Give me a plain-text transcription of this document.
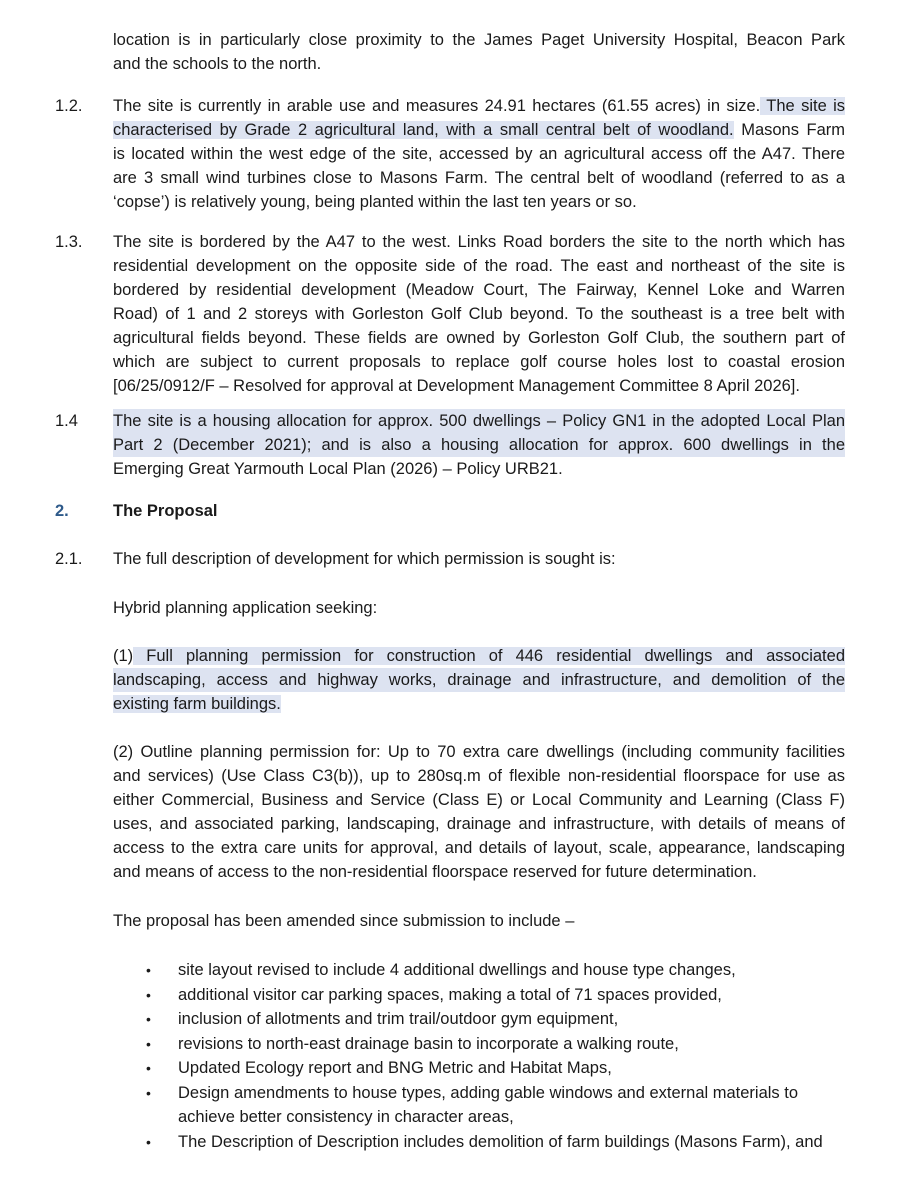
location is in particularly close proximity to the James Paget University Hospital, Beacon Park
and the schools to the north.
1.2.	The site is currently in arable use and measures 24.91 hectares (61.55 acres) in size. The site is
characterised by Grade 2 agricultural land, with a small central belt of woodland. Masons Farm
is located within the west edge of the site, accessed by an agricultural access off the A47. There
are 3 small wind turbines close to Masons Farm. The central belt of woodland (referred to as a
‘copse’) is relatively young, being planted within the last ten years or so.
1.3.	The site is bordered by the A47 to the west. Links Road borders the site to the north which has
residential development on the opposite side of the road. The east and northeast of the site is
bordered by residential development (Meadow Court, The Fairway, Kennel Loke and Warren
Road) of 1 and 2 storeys with Gorleston Golf Club beyond. To the southeast is a tree belt with
agricultural fields beyond. These fields are owned by Gorleston Golf Club, the southern part of
which are subject to current proposals to replace golf course holes lost to coastal erosion
[06/25/0912/F – Resolved for approval at Development Management Committee 8 April 2026].
1.4	The site is a housing allocation for approx. 500 dwellings – Policy GN1 in the adopted Local Plan
Part 2 (December 2021); and is also a housing allocation for approx. 600 dwellings in the
Emerging Great Yarmouth Local Plan (2026) – Policy URB21.
2.	The Proposal
2.1.	The full description of development for which permission is sought is:
Hybrid planning application seeking:
(1) Full planning permission for construction of 446 residential dwellings and associated
landscaping, access and highway works, drainage and infrastructure, and demolition of the
existing farm buildings.
(2) Outline planning permission for: Up to 70 extra care dwellings (including community facilities
and services) (Use Class C3(b)), up to 280sq.m of flexible non-residential floorspace for use as
either Commercial, Business and Service (Class E) or Local Community and Learning (Class F)
uses, and associated parking, landscaping, drainage and infrastructure, with details of means of
access to the extra care units for approval, and details of layout, scale, appearance, landscaping
and means of access to the non-residential floorspace reserved for future determination.
The proposal has been amended since submission to include –
• site layout revised to include 4 additional dwellings and house type changes,
• additional visitor car parking spaces, making a total of 71 spaces provided,
• inclusion of allotments and trim trail/outdoor gym equipment,
• revisions to north-east drainage basin to incorporate a walking route,
• Updated Ecology report and BNG Metric and Habitat Maps,
• Design amendments to house types, adding gable windows and external materials to achieve better consistency in character areas,
• The Description of Description includes demolition of farm buildings (Masons Farm), and
